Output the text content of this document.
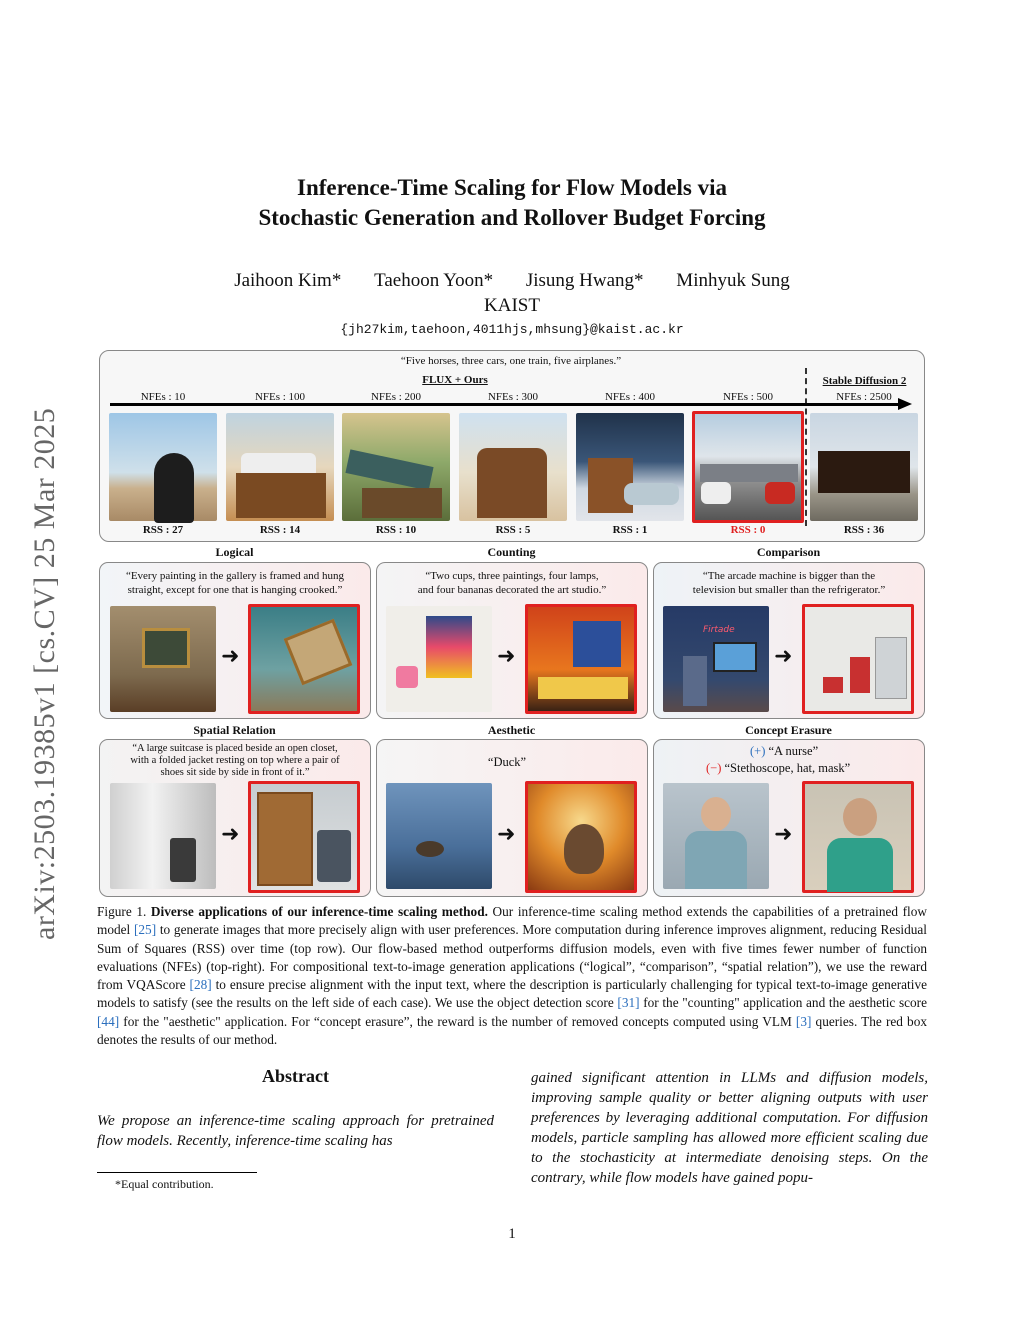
arXiv:2503.19385v1 [cs.CV] 25 Mar 2025
Inference-Time Scaling for Flow Models via
Stochastic Generation and Rollover Budget Forcing
Jaihoon Kim* Taehoon Yoon* Jisung Hwang* Minhyuk Sung
KAIST
{jh27kim,taehoon,4011hjs,mhsung}@kaist.ac.kr
“Five horses, three cars, one train, five airplanes.”
FLUX + Ours	Stable Diffusion 2
NFEs : 10	NFEs : 100	NFEs : 200	NFEs : 300	NFEs : 400	NFEs : 500	NFEs : 2500
RSS : 27	RSS : 14	RSS : 10	RSS : 5	RSS : 1	RSS : 0	RSS : 36
Logical	Counting	Comparison
“Every painting in the gallery is framed and hung
straight, except for one that is hanging crooked.”
➜
“Two cups, three paintings, four lamps,
and four bananas decorated the art studio.”
➜
“The arcade machine is bigger than the
television but smaller than the refrigerator.”
Firtade
➜
Spatial Relation	Aesthetic	Concept Erasure
“A large suitcase is placed beside an open closet,
with a folded jacket resting on top where a pair of
shoes sit side by side in front of it.”
➜
“Duck”
➜
(+) “A nurse”
(−) “Stethoscope, hat, mask”
➜
Figure 1. Diverse applications of our inference-time scaling method. Our inference-time scaling method extends the capabilities of a pretrained flow model [25] to generate images that more precisely align with user preferences. More computation during inference improves alignment, reducing Residual Sum of Squares (RSS) over time (top row). Our flow-based method outperforms diffusion models, even with five times fewer number of function evaluations (NFEs) (top-right). For compositional text-to-image generation applications (“logical”, “comparison”, “spatial relation”), we use the reward from VQAScore [28] to ensure precise alignment with the input text, where the description is particularly challenging for typical text-to-image generative models to satisfy (see the results on the left side of each case). We use the object detection score [31] for the "counting" application and the aesthetic score [44] for the "aesthetic" application. For “concept erasure”, the reward is the number of removed concepts computed using VLM [3] queries. The red box denotes the results of our method.
Abstract
We propose an inference-time scaling approach for pretrained flow models. Recently, inference-time scaling has
gained significant attention in LLMs and diffusion models, improving sample quality or better aligning outputs with user preferences by leveraging additional computation. For diffusion models, particle sampling has allowed more efficient scaling due to the stochasticity at intermediate denoising steps. On the contrary, while flow models have gained popu-
*Equal contribution.
1
